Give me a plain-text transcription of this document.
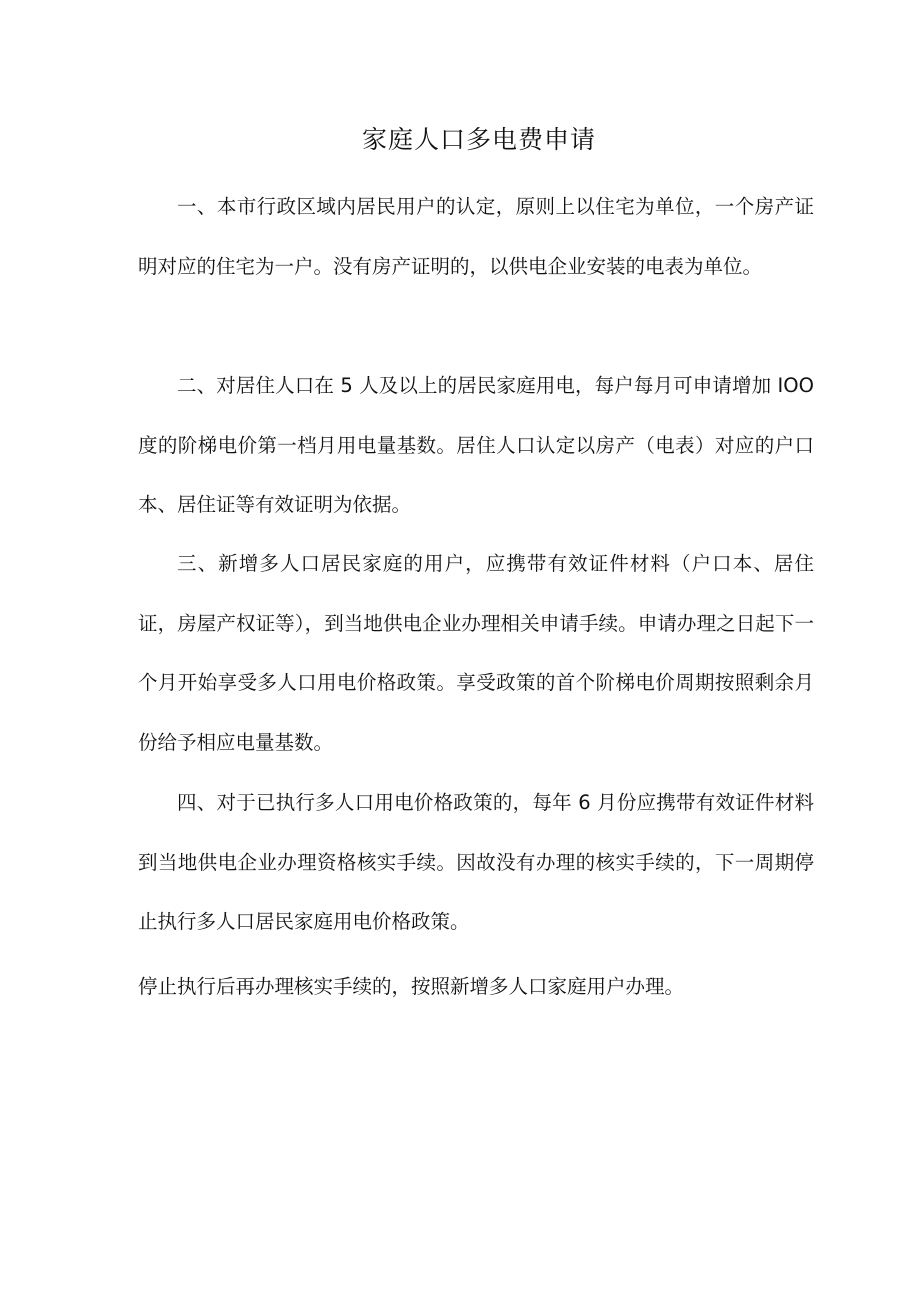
家庭人口多电费申请

一、本市行政区域内居民用户的认定，原则上以住宅为单位，一个房产证明对应的住宅为一户。没有房产证明的，以供电企业安装的电表为单位。

二、对居住人口在 5 人及以上的居民家庭用电，每户每月可申请增加 IOO 度的阶梯电价第一档月用电量基数。居住人口认定以房产（电表）对应的户口本、居住证等有效证明为依据。

三、新增多人口居民家庭的用户，应携带有效证件材料（户口本、居住证，房屋产权证等），到当地供电企业办理相关申请手续。申请办理之日起下一个月开始享受多人口用电价格政策。享受政策的首个阶梯电价周期按照剩余月份给予相应电量基数。

四、对于已执行多人口用电价格政策的，每年 6 月份应携带有效证件材料到当地供电企业办理资格核实手续。因故没有办理的核实手续的，下一周期停止执行多人口居民家庭用电价格政策。

停止执行后再办理核实手续的，按照新增多人口家庭用户办理。
